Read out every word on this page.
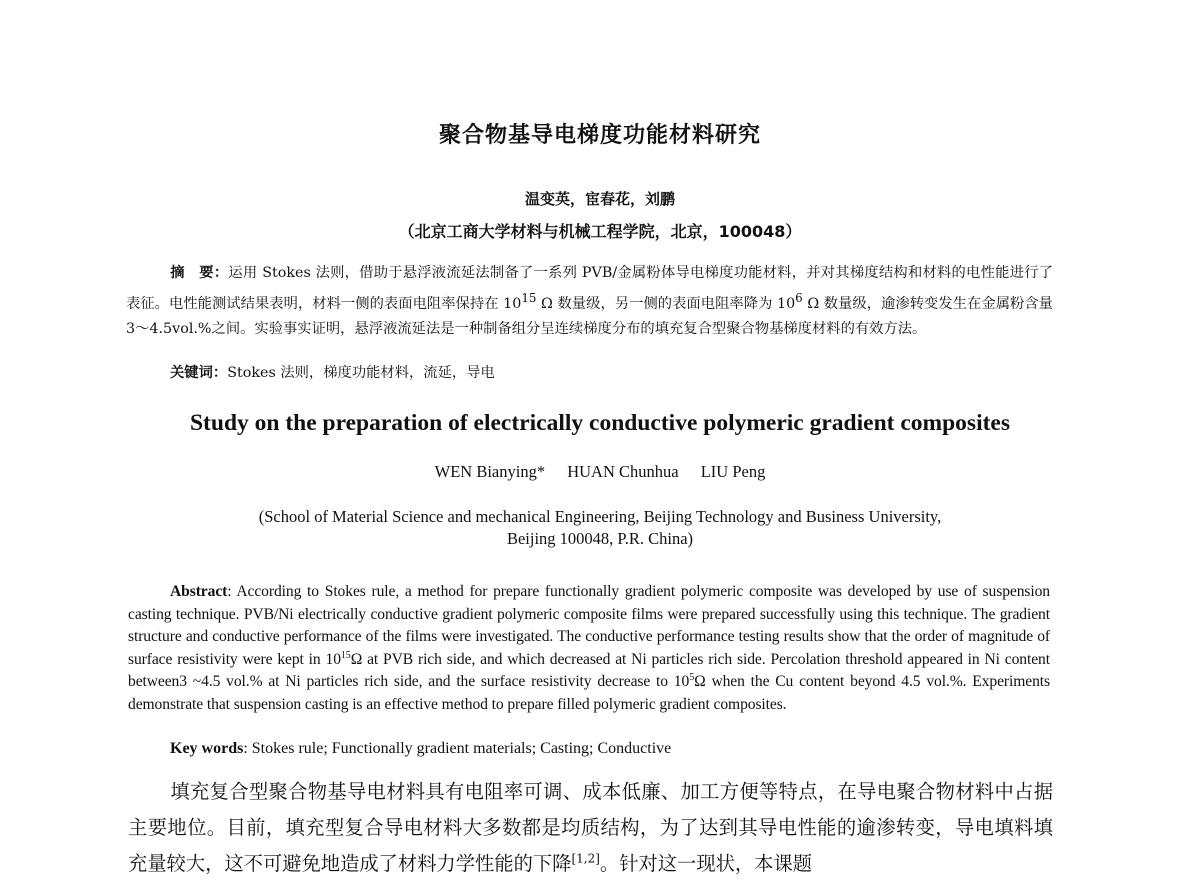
聚合物基导电梯度功能材料研究
温变英，宦春花，刘鹏
（北京工商大学材料与机械工程学院，北京，100048）
摘　要：运用 Stokes 法则，借助于悬浮液流延法制备了一系列 PVB/金属粉体导电梯度功能材料，并对其梯度结构和材料的电性能进行了表征。电性能测试结果表明，材料一侧的表面电阻率保持在 $10^{15}$ Ω 数量级，另一侧的表面电阻率降为 $10^6$ Ω 数量级，逾渗转变发生在金属粉含量 3～4.5vol.%之间。实验事实证明，悬浮液流延法是一种制备组分呈连续梯度分布的填充复合型聚合物基梯度材料的有效方法。
关键词：Stokes 法则，梯度功能材料，流延，导电
Study on the preparation of electrically conductive polymeric gradient composites
WEN Bianying* HUAN Chunhua LIU Peng
(School of Material Science and mechanical Engineering, Beijing Technology and Business University,
Beijing 100048, P.R. China)
Abstract: According to Stokes rule, a method for prepare functionally gradient polymeric composite was developed by use of suspension casting technique. PVB/Ni electrically conductive gradient polymeric composite films were prepared successfully using this technique. The gradient structure and conductive performance of the films were investigated. The conductive performance testing results show that the order of magnitude of surface resistivity were kept in $10^{15}\Omega$ at PVB rich side, and which decreased at Ni particles rich side. Percolation threshold appeared in Ni content between3 ~4.5 vol.% at Ni particles rich side, and the surface resistivity decrease to $10^5\Omega$ when the Cu content beyond 4.5 vol.%. Experiments demonstrate that suspension casting is an effective method to prepare filled polymeric gradient composites.
Key words: Stokes rule; Functionally gradient materials; Casting; Conductive
填充复合型聚合物基导电材料具有电阻率可调、成本低廉、加工方便等特点，在导电聚合物材料中占据主要地位。目前，填充型复合导电材料大多数都是均质结构，为了达到其导电性能的逾渗转变，导电填料填充量较大，这不可避免地造成了材料力学性能的下降[1,2]。针对这一现状，本课题
